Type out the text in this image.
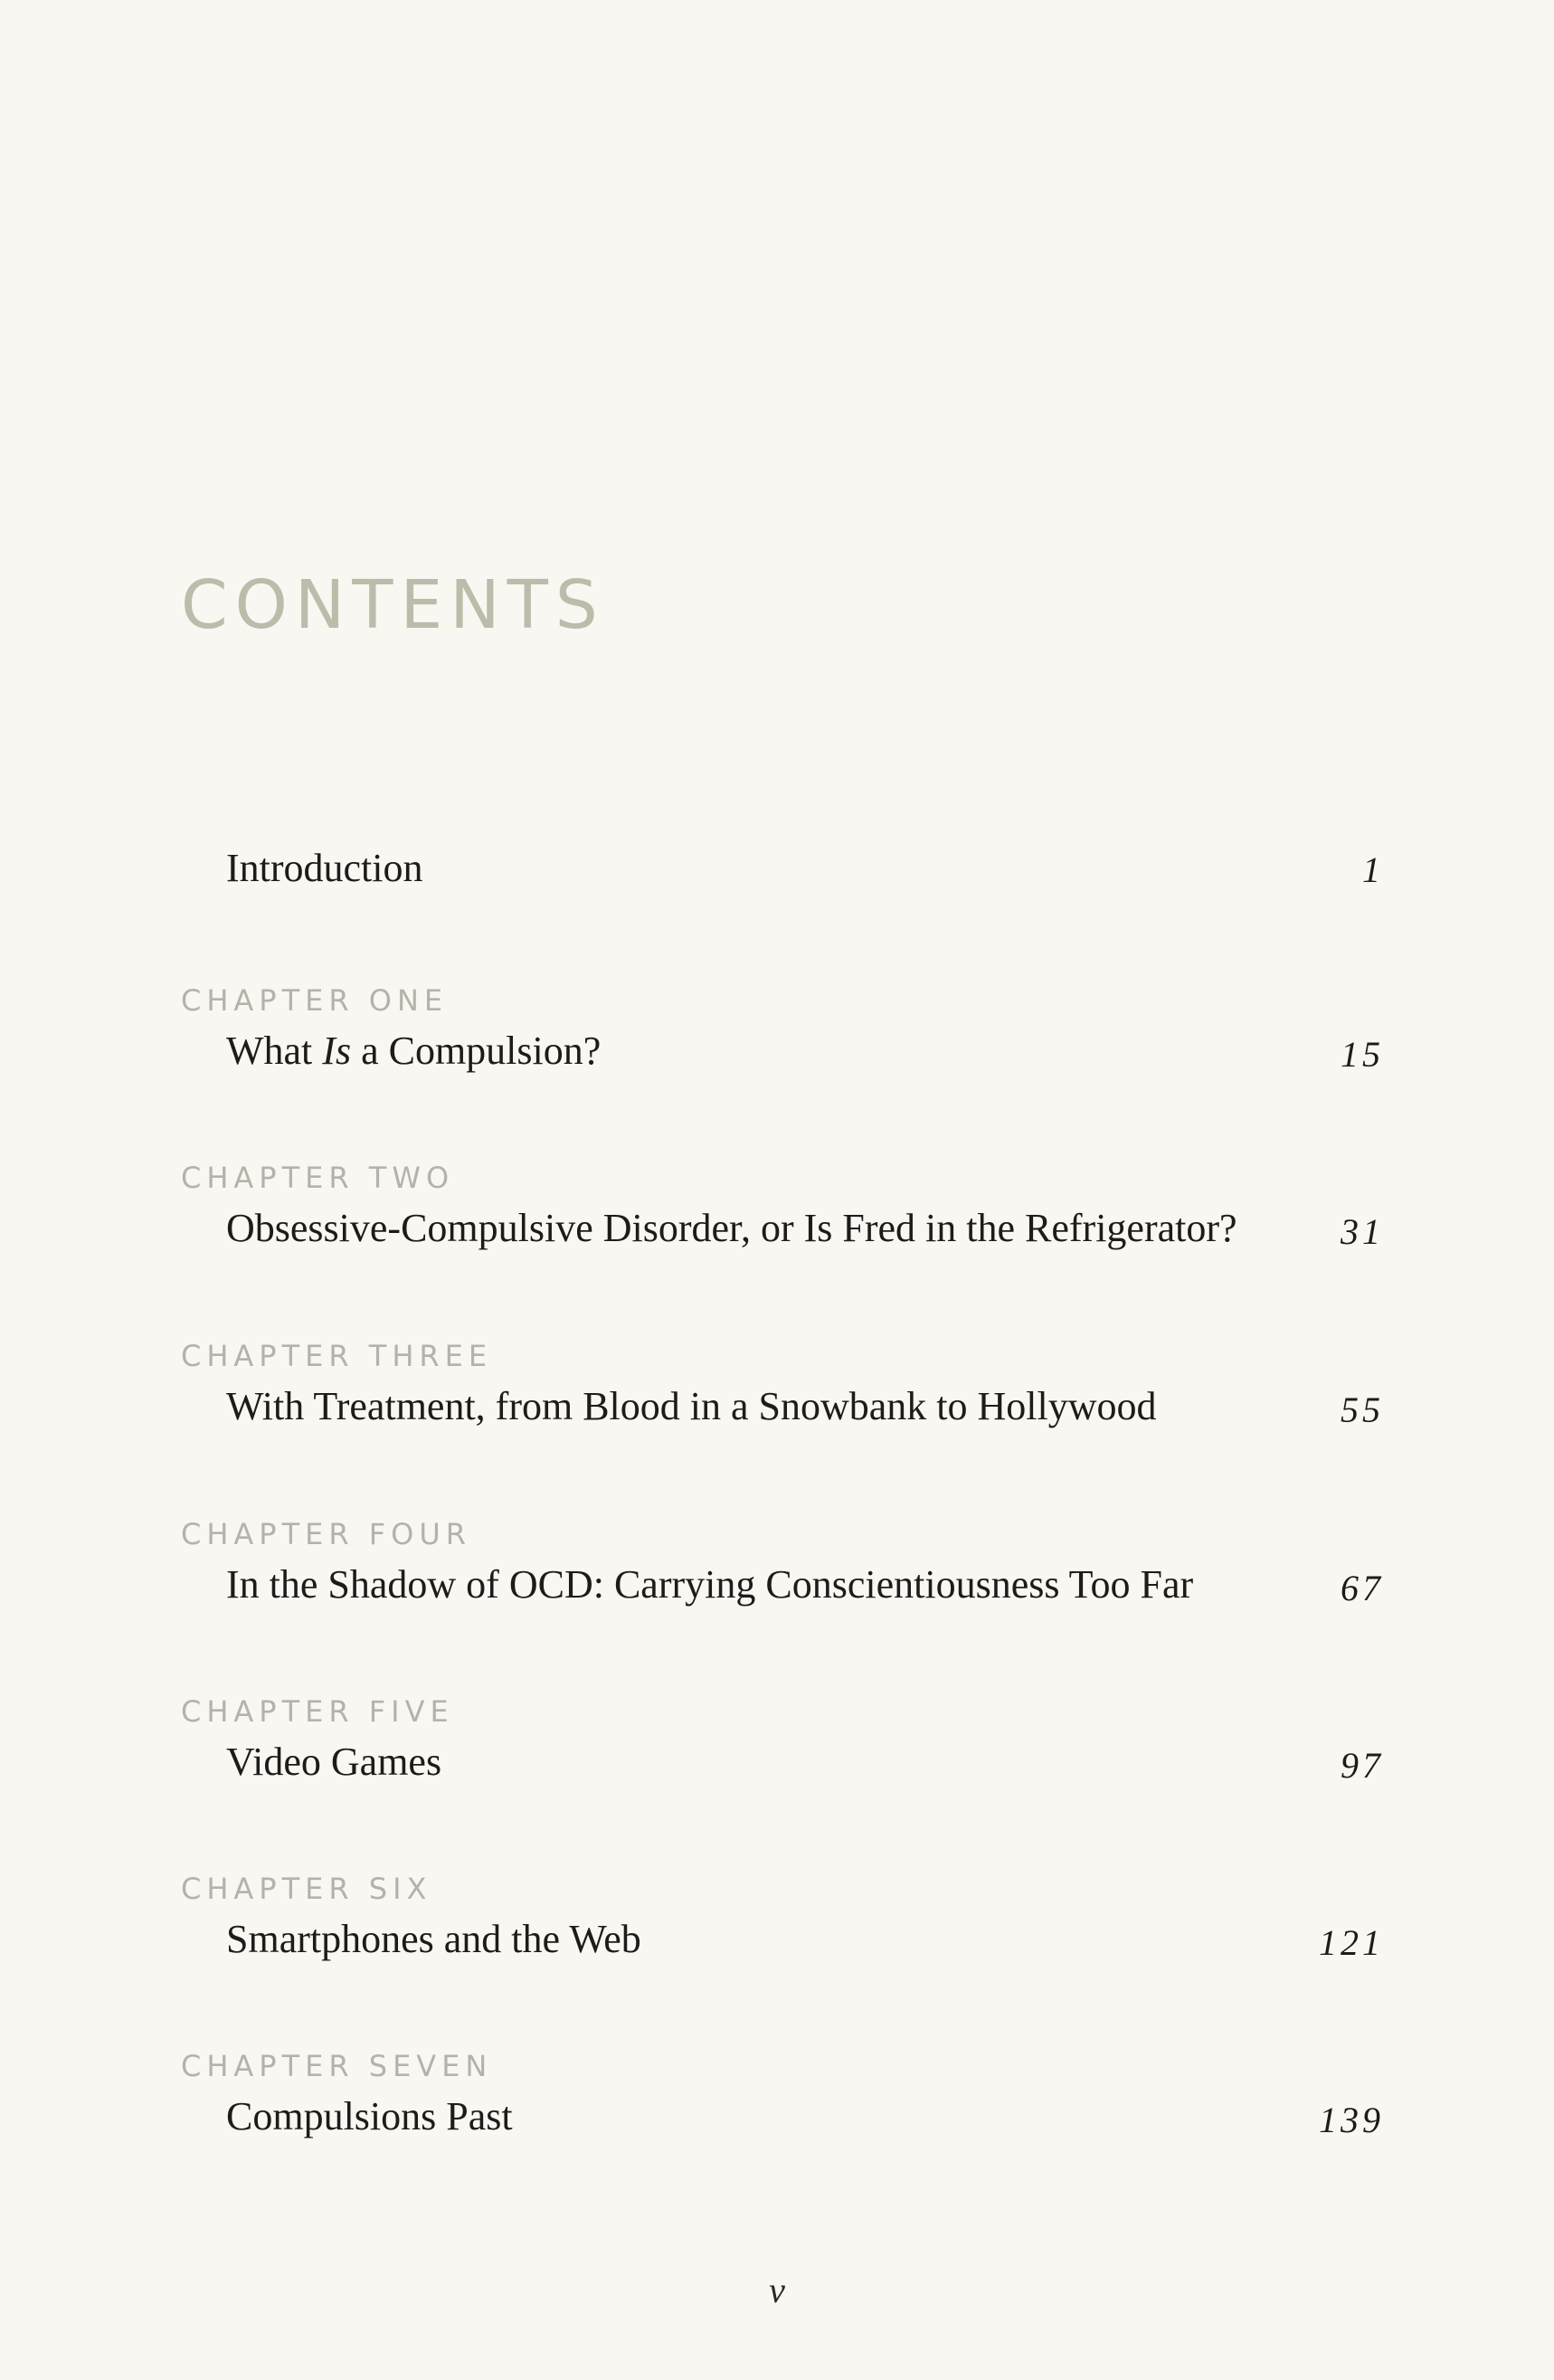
CONTENTS
Introduction	1
CHAPTER ONE
What Is a Compulsion?	15
CHAPTER TWO
Obsessive-Compulsive Disorder, or Is Fred in the Refrigerator?	31
CHAPTER THREE
With Treatment, from Blood in a Snowbank to Hollywood	55
CHAPTER FOUR
In the Shadow of OCD: Carrying Conscientiousness Too Far	67
CHAPTER FIVE
Video Games	97
CHAPTER SIX
Smartphones and the Web	121
CHAPTER SEVEN
Compulsions Past	139
v
